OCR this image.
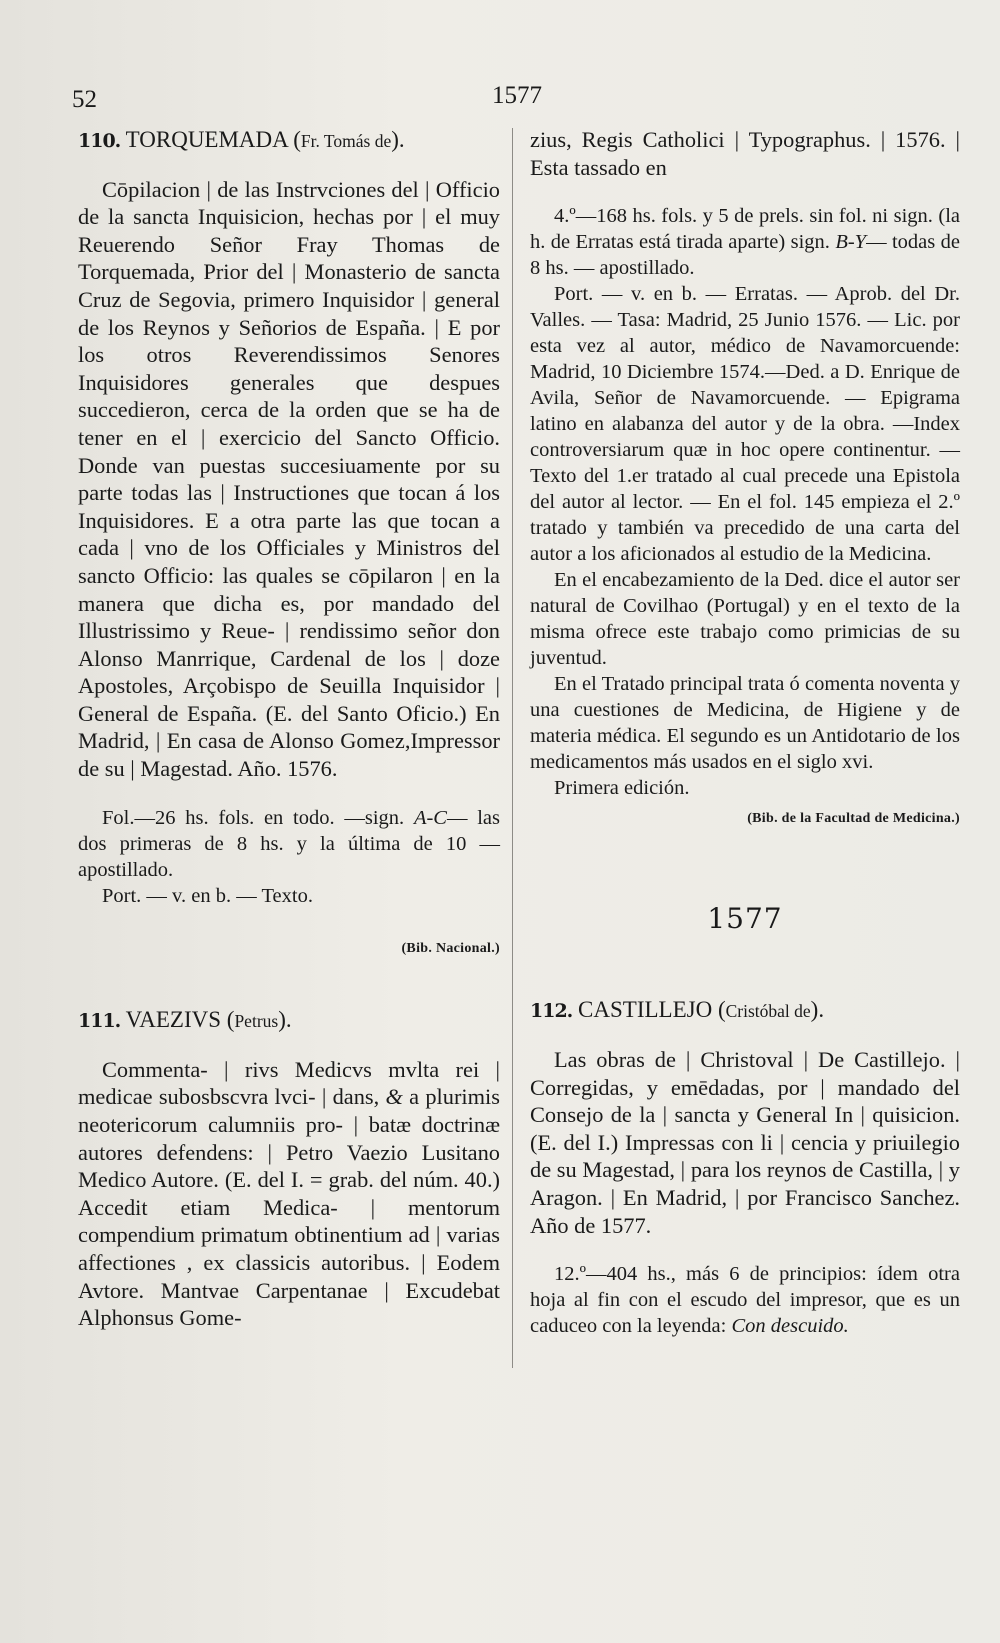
52	1577
110. TORQUEMADA (Fr. Tomás de).

Cōpilacion | de las Instrvciones del | Officio de la sancta Inquisicion, hechas por | el muy Reuerendo Señor Fray Thomas de Torquemada, Prior del | Monasterio de sancta Cruz de Segovia, primero Inquisidor | general de los Reynos y Señorios de España. | E por los otros Reverendissimos Senores Inquisidores generales que despues succedieron, cerca de la orden que se ha de tener en el | exercicio del Sancto Officio. Donde van puestas succesiuamente por su parte todas las | Instructiones que tocan á los Inquisidores. E a otra parte las que tocan a cada | vno de los Officiales y Ministros del sancto Officio: las quales se cōpilaron | en la manera que dicha es, por mandado del Illustrissimo y Reue- | rendissimo señor don Alonso Manrrique, Cardenal de los | doze Apostoles, Arçobispo de Seuilla Inquisidor | General de España. (E. del Santo Oficio.) En Madrid, | En casa de Alonso Gomez,Impressor de su | Magestad. Año. 1576.

Fol.—26 hs. fols. en todo. —sign. A-C— las dos primeras de 8 hs. y la última de 10 — apostillado.

Port. — v. en b. — Texto.

(Bib. Nacional.)

111. VAEZIVS (Petrus).

Commenta- | rivs Medicvs mvlta rei | medicae subosbscvra lvci- | dans, & a plurimis neotericorum calumniis pro- | batæ doctrinæ autores defendens: | Petro Vaezio Lusitano Medico Autore. (E. del I. = grab. del núm. 40.) Accedit etiam Medica- | mentorum compendium primatum obtinentium ad | varias affectiones , ex classicis autoribus. | Eodem Avtore. Mantvae Carpentanae | Excudebat Alphonsus Gome-

zius, Regis Catholici | Typographus. | 1576. | Esta tassado en

4.º—168 hs. fols. y 5 de prels. sin fol. ni sign. (la h. de Erratas está tirada aparte) sign. B-Y— todas de 8 hs. — apostillado.

Port. — v. en b. — Erratas. — Aprob. del Dr. Valles. — Tasa: Madrid, 25 Junio 1576. — Lic. por esta vez al autor, médico de Navamorcuende: Madrid, 10 Diciembre 1574.—Ded. a D. Enrique de Avila, Señor de Navamorcuende. — Epigrama latino en alabanza del autor y de la obra. —Index controversiarum quæ in hoc opere continentur. — Texto del 1.er tratado al cual precede una Epistola del autor al lector. — En el fol. 145 empieza el 2.º tratado y también va precedido de una carta del autor a los aficionados al estudio de la Medicina.

En el encabezamiento de la Ded. dice el autor ser natural de Covilhao (Portugal) y en el texto de la misma ofrece este trabajo como primicias de su juventud.

En el Tratado principal trata ó comenta noventa y una cuestiones de Medicina, de Higiene y de materia médica. El segundo es un Antidotario de los medicamentos más usados en el siglo xvi.

Primera edición.

(Bib. de la Facultad de Medicina.)

1577
112. CASTILLEJO (Cristóbal de).

Las obras de | Christoval | De Castillejo. | Corregidas, y emēdadas, por | mandado del Consejo de la | sancta y General In | quisicion. (E. del I.) Impressas con li | cencia y priuilegio de su Magestad, | para los reynos de Castilla, | y Aragon. | En Madrid, | por Francisco Sanchez. Año de 1577.

12.º—404 hs., más 6 de principios: ídem otra hoja al fin con el escudo del impresor, que es un caduceo con la leyenda: Con descuido.
